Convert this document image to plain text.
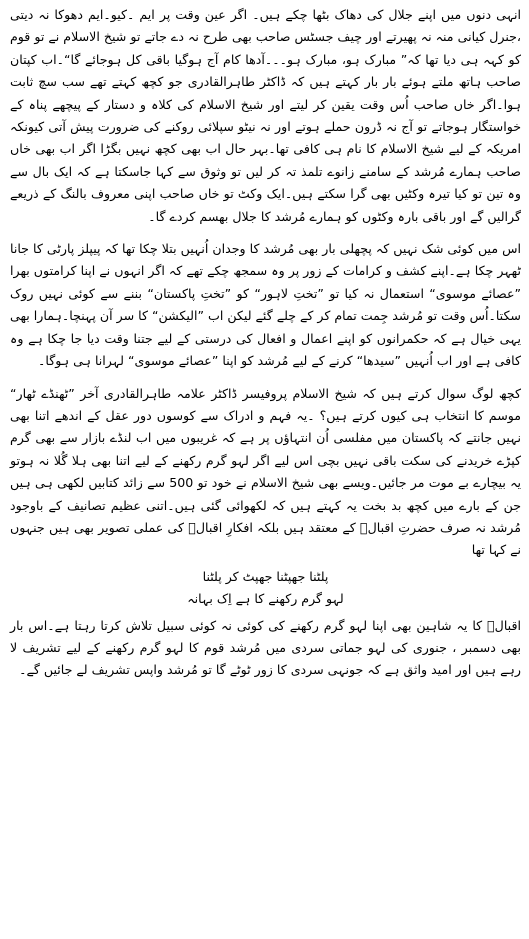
انہی دنوں میں اپنے جلال کی دھاک بٹھا چکے ہیں۔ اگر عین وقت پر ایم ۔کیو۔ایم دھوکا نہ دیتی ،جنرل کیانی منہ نہ پھیرتے اور چیف جسٹس صاحب بھی طرح نہ دے جاتے تو شیخ الاسلام نے تو قوم کو کہہ ہی دیا تھا کہ” مبارک ہو، مبارک ہو۔۔۔آدھا کام آج ہوگیا باقی کل ہوجائے گا“۔اب کپتان صاحب ہاتھ ملتے ہوئے بار بار کہتے ہیں کہ ڈاکٹر طاہرالقادری جو کچھ کہتے تھے سب سچ ثابت ہوا۔اگر خاں صاحب اُس وقت یقین کر لیتے اور شیخ الاسلام کی کلاہ و دستار کے پیچھے پناہ کے خواستگار ہوجاتے تو آج نہ ڈرون حملے ہوتے اور نہ نیٹو سپلائی روکنے کی ضرورت پیش آتی کیونکہ امریکہ کے لیے شیخ الاسلام کا نام ہی کافی تھا۔بہر حال اب بھی کچھ نہیں بگڑا اگر اب بھی خاں صاحب ہمارے مُرشد کے سامنے زانوے تلمذ تہ کر لیں تو وثوق سے کہا جاسکتا ہے کہ ایک بال سے وہ تین تو کیا تیرہ وکٹیں بھی گرا سکتے ہیں۔ایک وکٹ تو خاں صاحب اپنی معروف بالنگ کے ذریعے گرالیں گے اور باقی بارہ وکٹوں کو ہمارے مُرشد کا جلال بھسم کردے گا۔

اس میں کوئی شک نہیں کہ پچھلی بار بھی مُرشد کا وجدان اُنہیں بتلا چکا تھا کہ پیپلز پارٹی کا جانا ٹھہر چکا ہے۔اپنے کشف و کرامات کے زور پر وہ سمجھ چکے تھے کہ اگر انہوں نے اپنا کرامتوں بھرا ”عصائے موسوی“ استعمال نہ کیا تو ”تختِ لاہور“ کو ”تختِ پاکستان“ بننے سے کوئی نہیں روک سکتا۔اُس وقت تو مُرشد جِمت تمام کر کے چلے گئے لیکن اب ”الیکشن“ کا سر آن پہنچا۔ہمارا بھی یہی خیال ہے کہ حکمرانوں کو اپنے اعمال و افعال کی درستی کے لیے جتنا وقت دیا جا چکا ہے وہ کافی ہے اور اب اُنہیں ”سیدھا“ کرنے کے لیے مُرشد کو اپنا ”عصائے موسوی“ لہرانا ہی ہوگا۔

کچھ لوگ سوال کرتے ہیں کہ شیخ الاسلام پروفیسر ڈاکٹر علامہ طاہرالقادری آخر ”ٹھنڈے ٹھار“ موسم کا انتخاب ہی کیوں کرتے ہیں؟ ۔یہ فہم و ادراک سے کوسوں دور عقل کے اندھے اتنا بھی نہیں جانتے کہ پاکستان میں مفلسی اُن انتہاؤں پر ہے کہ غریبوں میں اب لنڈے بازار سے بھی گرم کپڑے خریدنے کی سکت باقی نہیں بچی اس لیے اگر لہو گرم رکھنے کے لیے اتنا بھی ہلا گُلا نہ ہوتو یہ بیچارے بے موت مر جائیں۔ویسے بھی شیخ الاسلام نے خود تو 500 سے زائد کتابیں لکھی ہی ہیں جن کے بارے میں کچھ بد بخت یہ کہتے ہیں کہ لکھوائی گئی ہیں۔اتنی عظیم تصانیف کے باوجود مُرشد نہ صرف حضرتِ اقبالؒ کے معتقد ہیں بلکہ افکارِ اقبالؒ کی عملی تصویر بھی ہیں جنہوں نے کہا تھا

پلٹنا جھپٹنا جھپٹ کر پلٹنا
لہو گرم رکھنے کا ہے اِک بہانہ

اقبالؒ کا یہ شاہین بھی اپنا لہو گرم رکھنے کی کوئی نہ کوئی سبیل تلاش کرتا رہتا ہے۔اس بار بھی دسمبر ، جنوری کی لہو جماتی سردی میں مُرشد قوم کا لہو گرم رکھنے کے لیے تشریف لا رہے ہیں اور امید واثق ہے کہ جونہی سردی کا زور ٹوٹے گا تو مُرشد واپس تشریف لے جائیں گے۔
